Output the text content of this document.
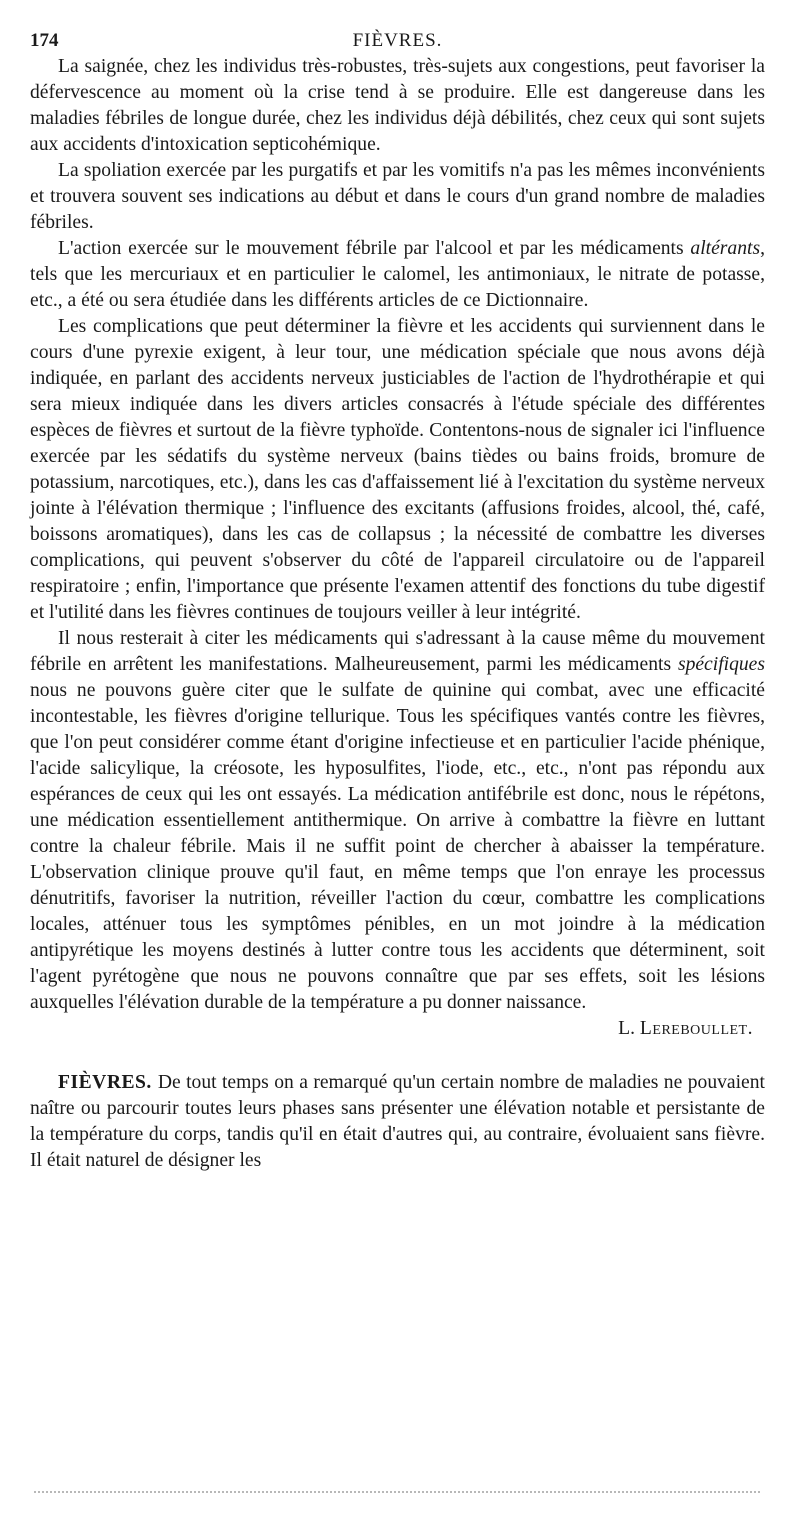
174	FIÈVRES.

La saignée, chez les individus très-robustes, très-sujets aux congestions, peut favoriser la défervescence au moment où la crise tend à se produire. Elle est dangereuse dans les maladies fébriles de longue durée, chez les individus déjà débilités, chez ceux qui sont sujets aux accidents d'intoxication septicohémique.

La spoliation exercée par les purgatifs et par les vomitifs n'a pas les mêmes inconvénients et trouvera souvent ses indications au début et dans le cours d'un grand nombre de maladies fébriles.

L'action exercée sur le mouvement fébrile par l'alcool et par les médicaments altérants, tels que les mercuriaux et en particulier le calomel, les antimoniaux, le nitrate de potasse, etc., a été ou sera étudiée dans les différents articles de ce Dictionnaire.

Les complications que peut déterminer la fièvre et les accidents qui surviennent dans le cours d'une pyrexie exigent, à leur tour, une médication spéciale que nous avons déjà indiquée, en parlant des accidents nerveux justiciables de l'action de l'hydrothérapie et qui sera mieux indiquée dans les divers articles consacrés à l'étude spéciale des différentes espèces de fièvres et surtout de la fièvre typhoïde. Contentons-nous de signaler ici l'influence exercée par les sédatifs du système nerveux (bains tièdes ou bains froids, bromure de potassium, narcotiques, etc.), dans les cas d'affaissement lié à l'excitation du système nerveux jointe à l'élévation thermique ; l'influence des excitants (affusions froides, alcool, thé, café, boissons aromatiques), dans les cas de collapsus ; la nécessité de combattre les diverses complications, qui peuvent s'observer du côté de l'appareil circulatoire ou de l'appareil respiratoire ; enfin, l'importance que présente l'examen attentif des fonctions du tube digestif et l'utilité dans les fièvres continues de toujours veiller à leur intégrité.

Il nous resterait à citer les médicaments qui s'adressant à la cause même du mouvement fébrile en arrêtent les manifestations. Malheureusement, parmi les médicaments spécifiques nous ne pouvons guère citer que le sulfate de quinine qui combat, avec une efficacité incontestable, les fièvres d'origine tellurique. Tous les spécifiques vantés contre les fièvres, que l'on peut considérer comme étant d'origine infectieuse et en particulier l'acide phénique, l'acide salicylique, la créosote, les hyposulfites, l'iode, etc., etc., n'ont pas répondu aux espérances de ceux qui les ont essayés. La médication antifébrile est donc, nous le répétons, une médication essentiellement antithermique. On arrive à combattre la fièvre en luttant contre la chaleur fébrile. Mais il ne suffit point de chercher à abaisser la température. L'observation clinique prouve qu'il faut, en même temps que l'on enraye les processus dénutritifs, favoriser la nutrition, réveiller l'action du cœur, combattre les complications locales, atténuer tous les symptômes pénibles, en un mot joindre à la médication antipyrétique les moyens destinés à lutter contre tous les accidents que déterminent, soit l'agent pyrétogène que nous ne pouvons connaître que par ses effets, soit les lésions auxquelles l'élévation durable de la température a pu donner naissance.

L. Lereboullet.

FIÈVRES. De tout temps on a remarqué qu'un certain nombre de maladies ne pouvaient naître ou parcourir toutes leurs phases sans présenter une élévation notable et persistante de la température du corps, tandis qu'il en était d'autres qui, au contraire, évoluaient sans fièvre. Il était naturel de désigner les
